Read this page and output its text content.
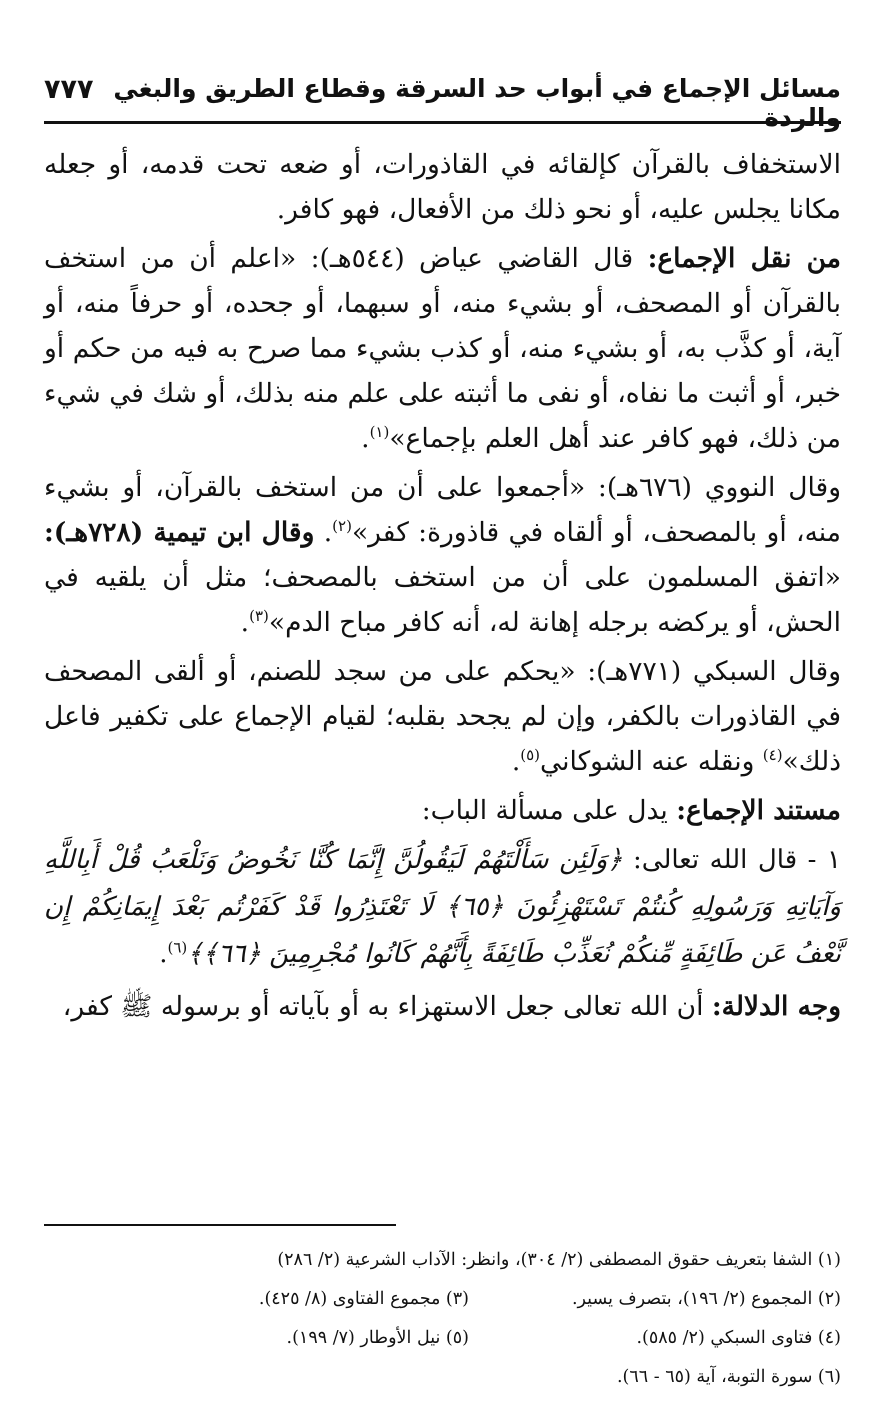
مسائل الإجماع في أبواب حد السرقة وقطاع الطريق والبغي والردة
٧٧٧

الاستخفاف بالقرآن كإلقائه في القاذورات، أو ضعه تحت قدمه، أو جعله مكانا يجلس عليه، أو نحو ذلك من الأفعال، فهو كافر.

من نقل الإجماع: قال القاضي عياض (٥٤٤هـ): «اعلم أن من استخف بالقرآن أو المصحف، أو بشيء منه، أو سبهما، أو جحده، أو حرفاً منه، أو آية، أو كذَّب به، أو بشيء منه، أو كذب بشيء مما صرح به فيه من حكم أو خبر، أو أثبت ما نفاه، أو نفى ما أثبته على علم منه بذلك، أو شك في شيء من ذلك، فهو كافر عند أهل العلم بإجماع»$^{(١)}$.

وقال النووي (٦٧٦هـ): «أجمعوا على أن من استخف بالقرآن، أو بشيء منه، أو بالمصحف، أو ألقاه في قاذورة: كفر»$^{(٢)}$. وقال ابن تيمية (٧٢٨هـ): «اتفق المسلمون على أن من استخف بالمصحف؛ مثل أن يلقيه في الحش، أو يركضه برجله إهانة له، أنه كافر مباح الدم»$^{(٣)}$.

وقال السبكي (٧٧١هـ): «يحكم على من سجد للصنم، أو ألقى المصحف في القاذورات بالكفر، وإن لم يجحد بقلبه؛ لقيام الإجماع على تكفير فاعل ذلك»$^{(٤)}$ ونقله عنه الشوكاني$^{(٥)}$.

مستند الإجماع: يدل على مسألة الباب:

١ - قال الله تعالى: ﴿وَلَئِن سَأَلْتَهُمْ لَيَقُولُنَّ إِنَّمَا كُنَّا نَخُوضُ وَنَلْعَبُ قُلْ أَبِاللَّهِ وَآيَاتِهِ وَرَسُولِهِ كُنتُمْ تَسْتَهْزِئُونَ ﴿٦٥﴾ لَا تَعْتَذِرُوا قَدْ كَفَرْتُم بَعْدَ إِيمَانِكُمْ إِن نَّعْفُ عَن طَائِفَةٍ مِّنكُمْ نُعَذِّبْ طَائِفَةً بِأَنَّهُمْ كَانُوا مُجْرِمِينَ ﴿٦٦﴾﴾$^{(٦)}$.

وجه الدلالة: أن الله تعالى جعل الاستهزاء به أو بآياته أو برسوله ﷺ كفر،

(١) الشفا بتعريف حقوق المصطفى (٢/ ٣٠٤)، وانظر: الآداب الشرعية (٢/ ٢٨٦)
(٢) المجموع (٢/ ١٩٦)، بتصرف يسير.
(٣) مجموع الفتاوى (٨/ ٤٢٥).
(٤) فتاوى السبكي (٢/ ٥٨٥).
(٥) نيل الأوطار (٧/ ١٩٩).
(٦) سورة التوبة، آية (٦٥ - ٦٦).
